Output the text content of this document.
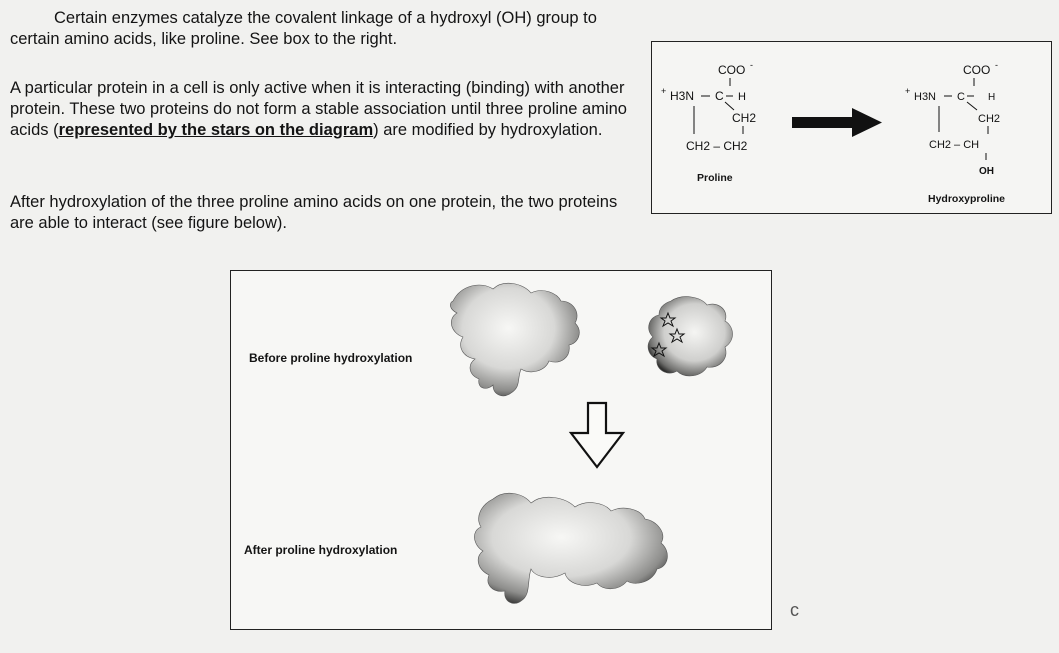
Certain enzymes catalyze the covalent linkage of a hydroxyl (OH) group to certain amino acids, like proline. See box to the right.
A particular protein in a cell is only active when it is interacting (binding) with another protein. These two proteins do not form a stable association until three proline amino acids (represented by the stars on the diagram) are modified by hydroxylation.
After hydroxylation of the three proline amino acids on one protein, the two proteins are able to interact (see figure below).
COO -
+ H3N C H
CH2
CH2 – CH2
COO -
+ H3N C H
CH2
CH2 – CH
OH
Proline
Hydroxyproline
Before proline hydroxylation
After proline hydroxylation
c
